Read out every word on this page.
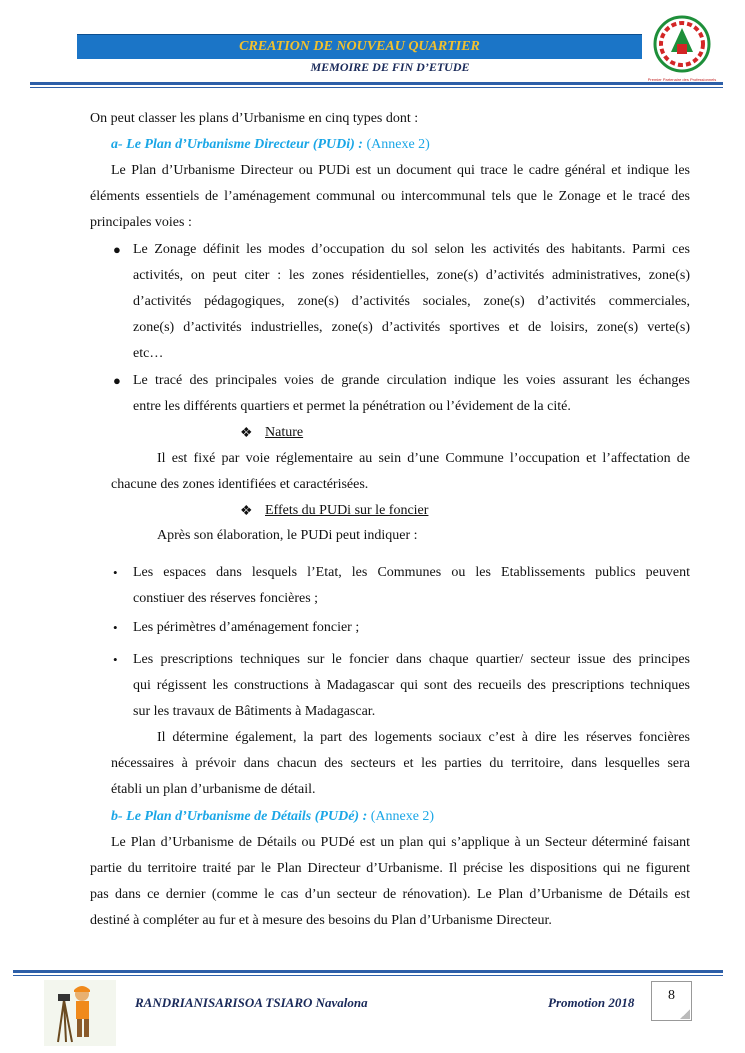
CREATION DE NOUVEAU QUARTIER
MEMOIRE DE FIN D’ETUDE
Premier Partenaire des Professionnels
On peut classer les plans d’Urbanisme en cinq types dont :
a- Le Plan d’Urbanisme Directeur (PUDi) : (Annexe 2)
Le Plan d’Urbanisme Directeur ou PUDi est un document qui trace le cadre général et indique les
éléments essentiels de l’aménagement communal ou intercommunal tels que le Zonage et le tracé des
principales voies :
● Le Zonage définit les modes d’occupation du sol selon les activités des habitants. Parmi ces
activités, on peut citer : les zones résidentielles, zone(s) d’activités administratives, zone(s)
d’activités pédagogiques, zone(s) d’activités sociales, zone(s) d’activités commerciales,
zone(s) d’activités industrielles, zone(s) d’activités sportives et de loisirs, zone(s) verte(s)
etc…
● Le tracé des principales voies de grande circulation indique les voies assurant les échanges
entre les différents quartiers et permet la pénétration ou l’évidement de la cité.
❖ Nature
Il est fixé par voie réglementaire au sein d’une Commune l’occupation et l’affectation de
chacune des zones identifiées et caractérisées.
❖ Effets du PUDi sur le foncier
Après son élaboration, le PUDi peut indiquer :
• Les espaces dans lesquels l’Etat, les Communes ou les Etablissements publics peuvent
constiuer des réserves foncières ;
• Les périmètres d’aménagement foncier ;
• Les prescriptions techniques sur le foncier dans chaque quartier/ secteur issue des principes
qui régissent les constructions à Madagascar qui sont des recueils des prescriptions techniques
sur les travaux de Bâtiments à Madagascar.
Il détermine également, la part des logements sociaux c’est à dire les réserves foncières
nécessaires à prévoir dans chacun des secteurs et les parties du territoire, dans lesquelles sera
établi un plan d’urbanisme de détail.
b- Le Plan d’Urbanisme de Détails (PUDé) : (Annexe 2)
Le Plan d’Urbanisme de Détails ou PUDé est un plan qui s’applique à un Secteur déterminé faisant
partie du territoire traité par le Plan Directeur d’Urbanisme. Il précise les dispositions qui ne figurent
pas dans ce dernier (comme le cas d’un secteur de rénovation). Le Plan d’Urbanisme de Détails est
destiné à compléter au fur et à mesure des besoins du Plan d’Urbanisme Directeur.
RANDRIANISARISOA TSIARO Navalona	Promotion 2018	8
